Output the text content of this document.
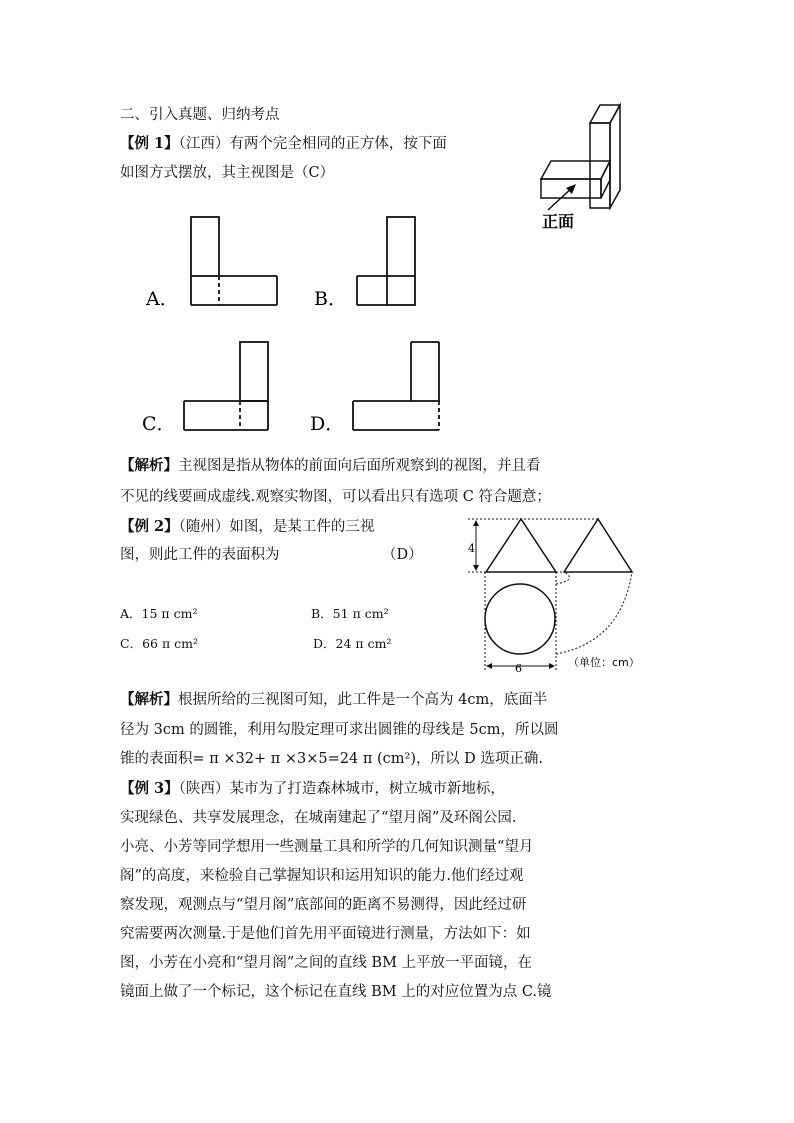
二、引入真题、归纳考点
【例 1】（江西）有两个完全相同的正方体，按下面
如图方式摆放，其主视图是（C）
正面
A．	B．
C．	D．
【解析】主视图是指从物体的前面向后面所观察到的视图，并且看
不见的线要画成虚线.观察实物图，可以看出只有选项 C 符合题意；
【例 2】（随州）如图，是某工件的三视
图，则此工件的表面积为	（D）
A．15 π cm²	B．51 π cm²
C．66 π cm²	D．24 π cm²
4
6	（单位：cm）
【解析】根据所给的三视图可知，此工件是一个高为 4cm，底面半
径为 3cm 的圆锥，利用勾股定理可求出圆锥的母线是 5cm，所以圆
锥的表面积= π ×32+ π ×3×5=24 π (cm²)，所以 D 选项正确.
【例 3】（陕西）某市为了打造森林城市，树立城市新地标，
实现绿色、共享发展理念，在城南建起了“望月阁”及环阁公园.
小亮、小芳等同学想用一些测量工具和所学的几何知识测量“望月
阁”的高度，来检验自己掌握知识和运用知识的能力.他们经过观
察发现，观测点与“望月阁”底部间的距离不易测得，因此经过研
究需要两次测量.于是他们首先用平面镜进行测量，方法如下：如
图，小芳在小亮和“望月阁”之间的直线 BM 上平放一平面镜，在
镜面上做了一个标记，这个标记在直线 BM 上的对应位置为点 C.镜
